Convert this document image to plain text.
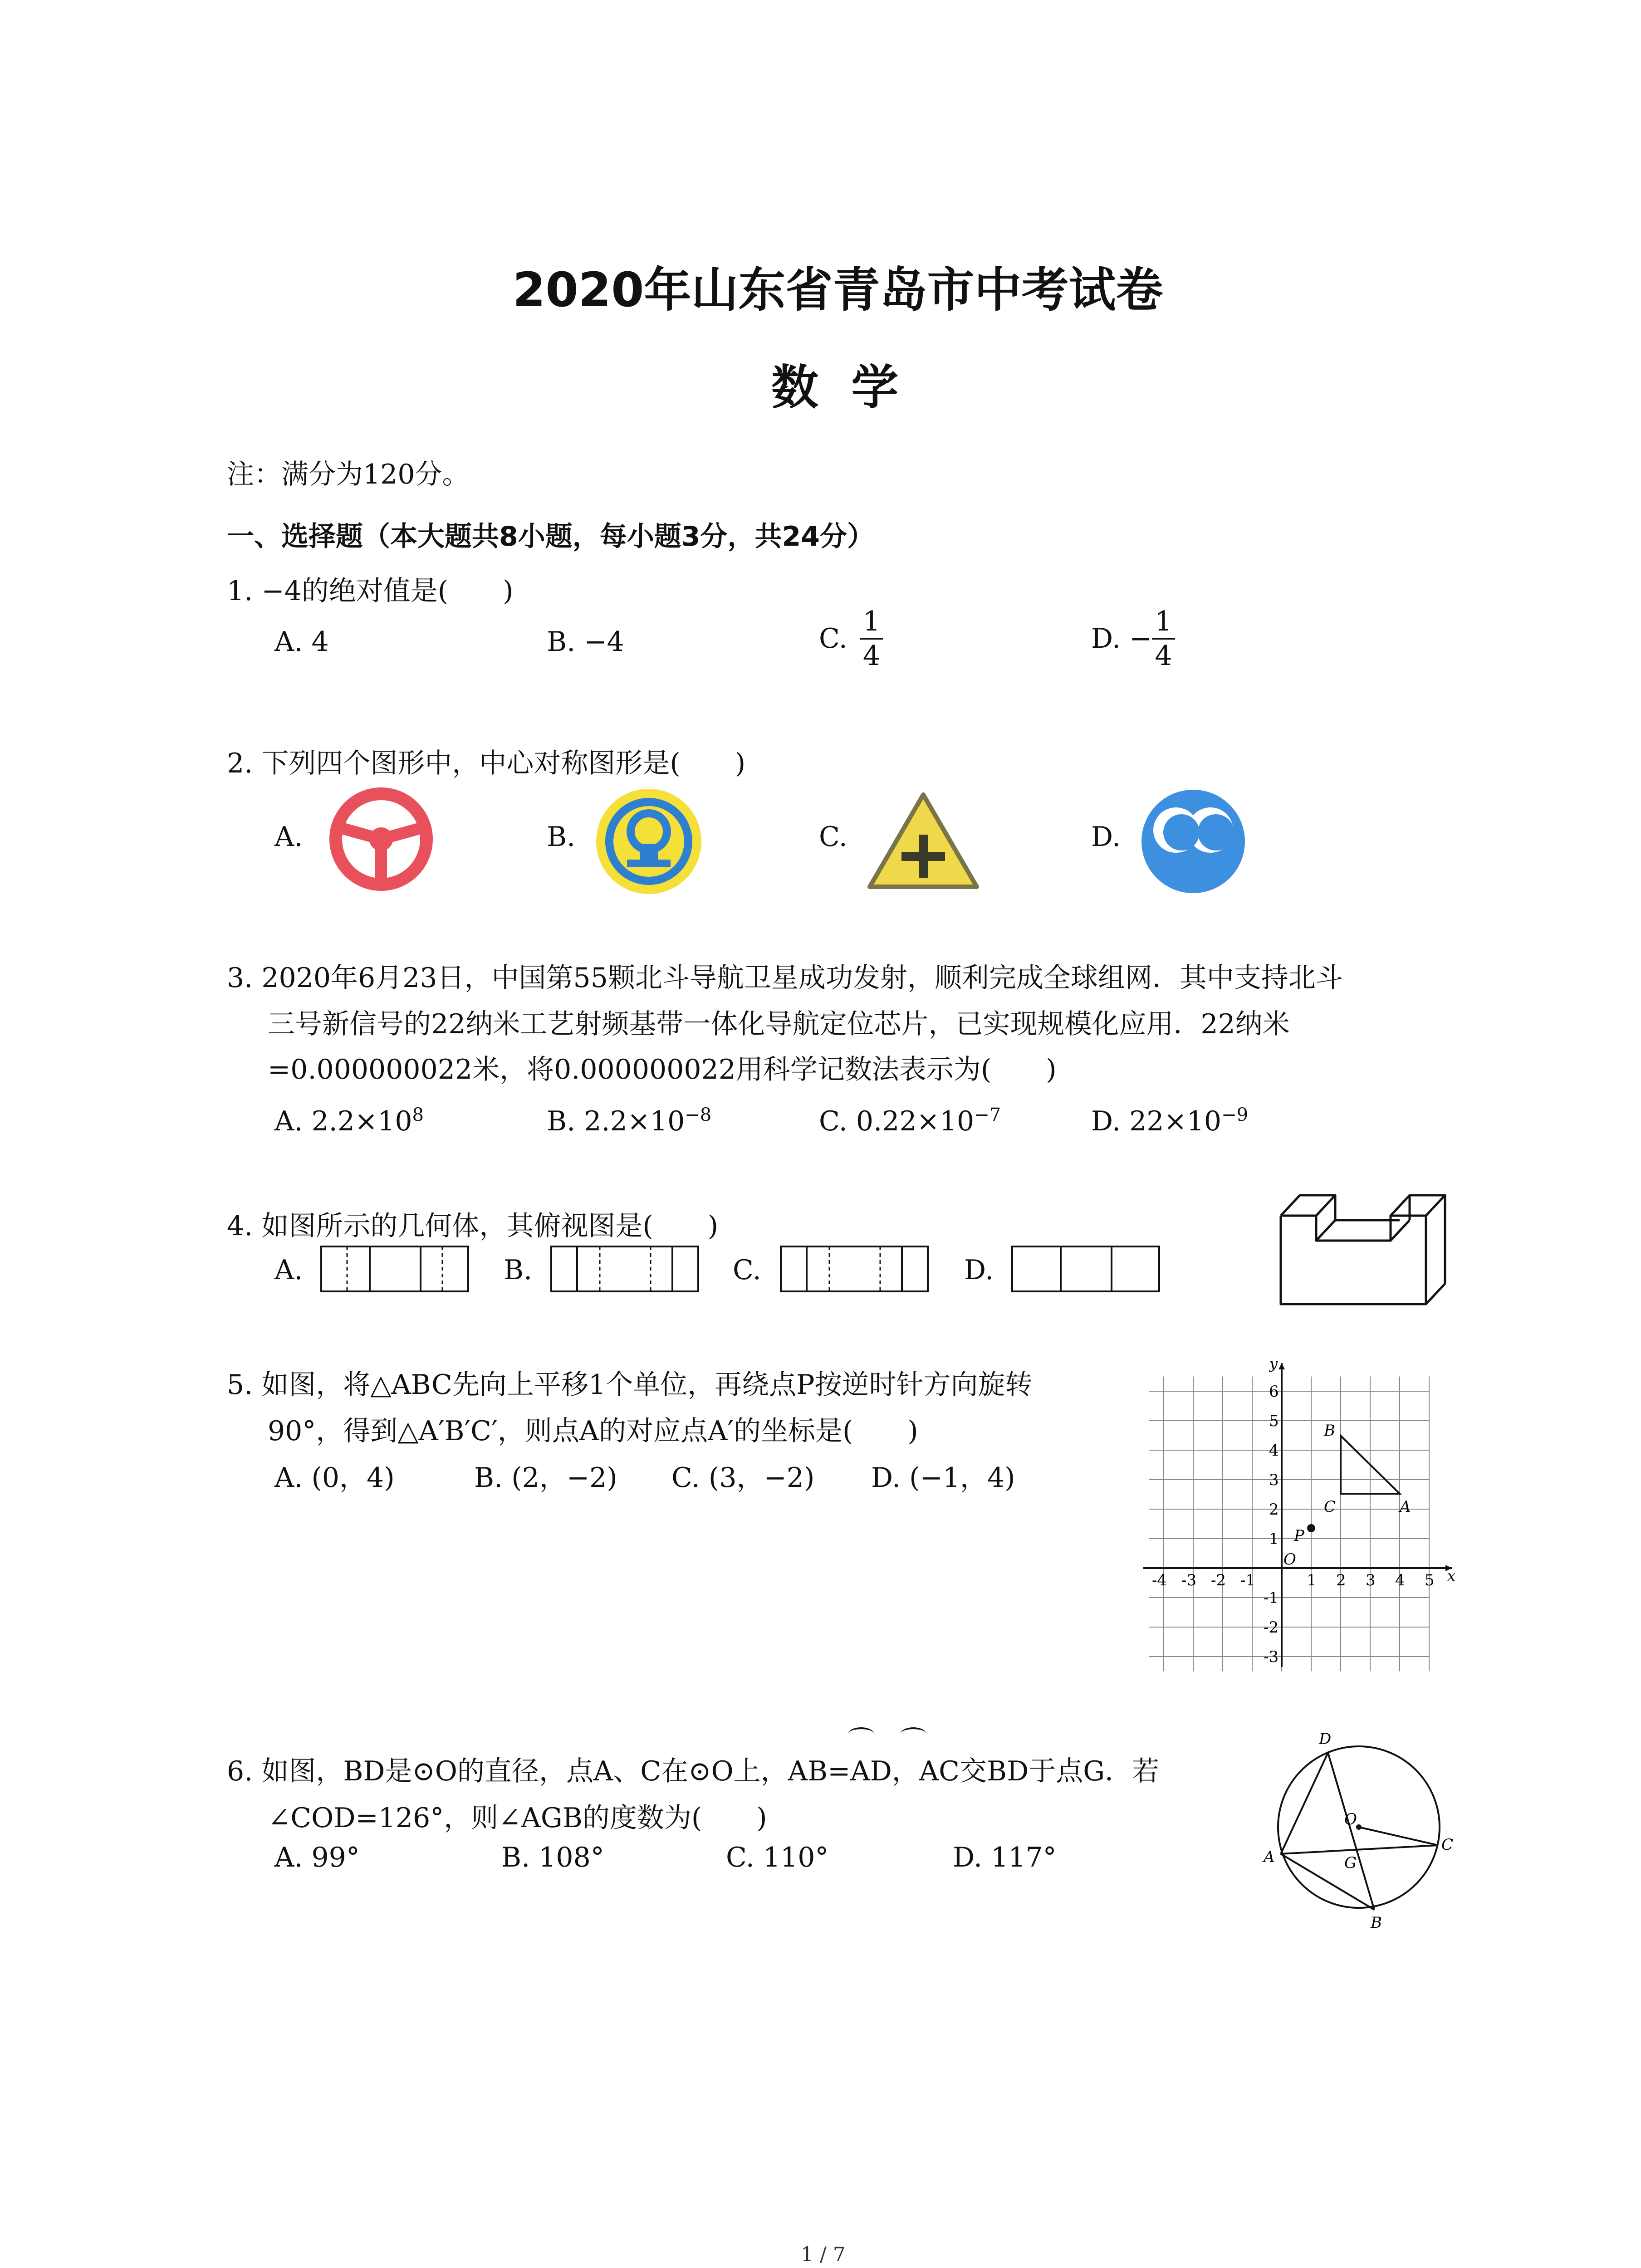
2020年山东省青岛市中考试卷
数  学
注：满分为120分。
一、选择题（本大题共8小题，每小题3分，共24分）
1. −4的绝对值是(　　)
A. 4	B. −4	C. $\frac{1}{4}$	D. − $\frac{1}{4}$
2. 下列四个图形中，中心对称图形是(　　)
A.	B.	C.	D.
3. 2020年6月23日，中国第55颗北斗导航卫星成功发射，顺利完成全球组网．其中支持北斗
三号新信号的22纳米工艺射频基带一体化导航定位芯片，已实现规模化应用．22纳米
=0.000000022米，将0.000000022用科学记数法表示为(　　)
A. $2.2\times 10^8$	B. $2.2\times 10^{-8}$	C. $0.22\times 10^{-7}$	D. $22\times 10^{-9}$
4. 如图所示的几何体，其俯视图是(　　)
A.	B.	C.	D.
5. 如图，将△ABC先向上平移1个单位，再绕点P按逆时针方向旋转
90°，得到△A′B′C′，则点A的对应点A′的坐标是(　　)
A. (0，4)	B. (2，−2) C. (3，−2) D. (−1，4)
-4 -3 -2 -1
O
1 2 3 4 5
6
5
4
3
2
1
-1
-2
-3
x
y
B
C	A
P
6. 如图，BD是⊙O的直径，点A、C在⊙O上，AB=AD，AC交BD于点G．若
∠COD=126°，则∠AGB的度数为(　　)
A. 99°	B. 108°	C. 110°	D. 117°
D
O
G
A
C
B
1 / 7
